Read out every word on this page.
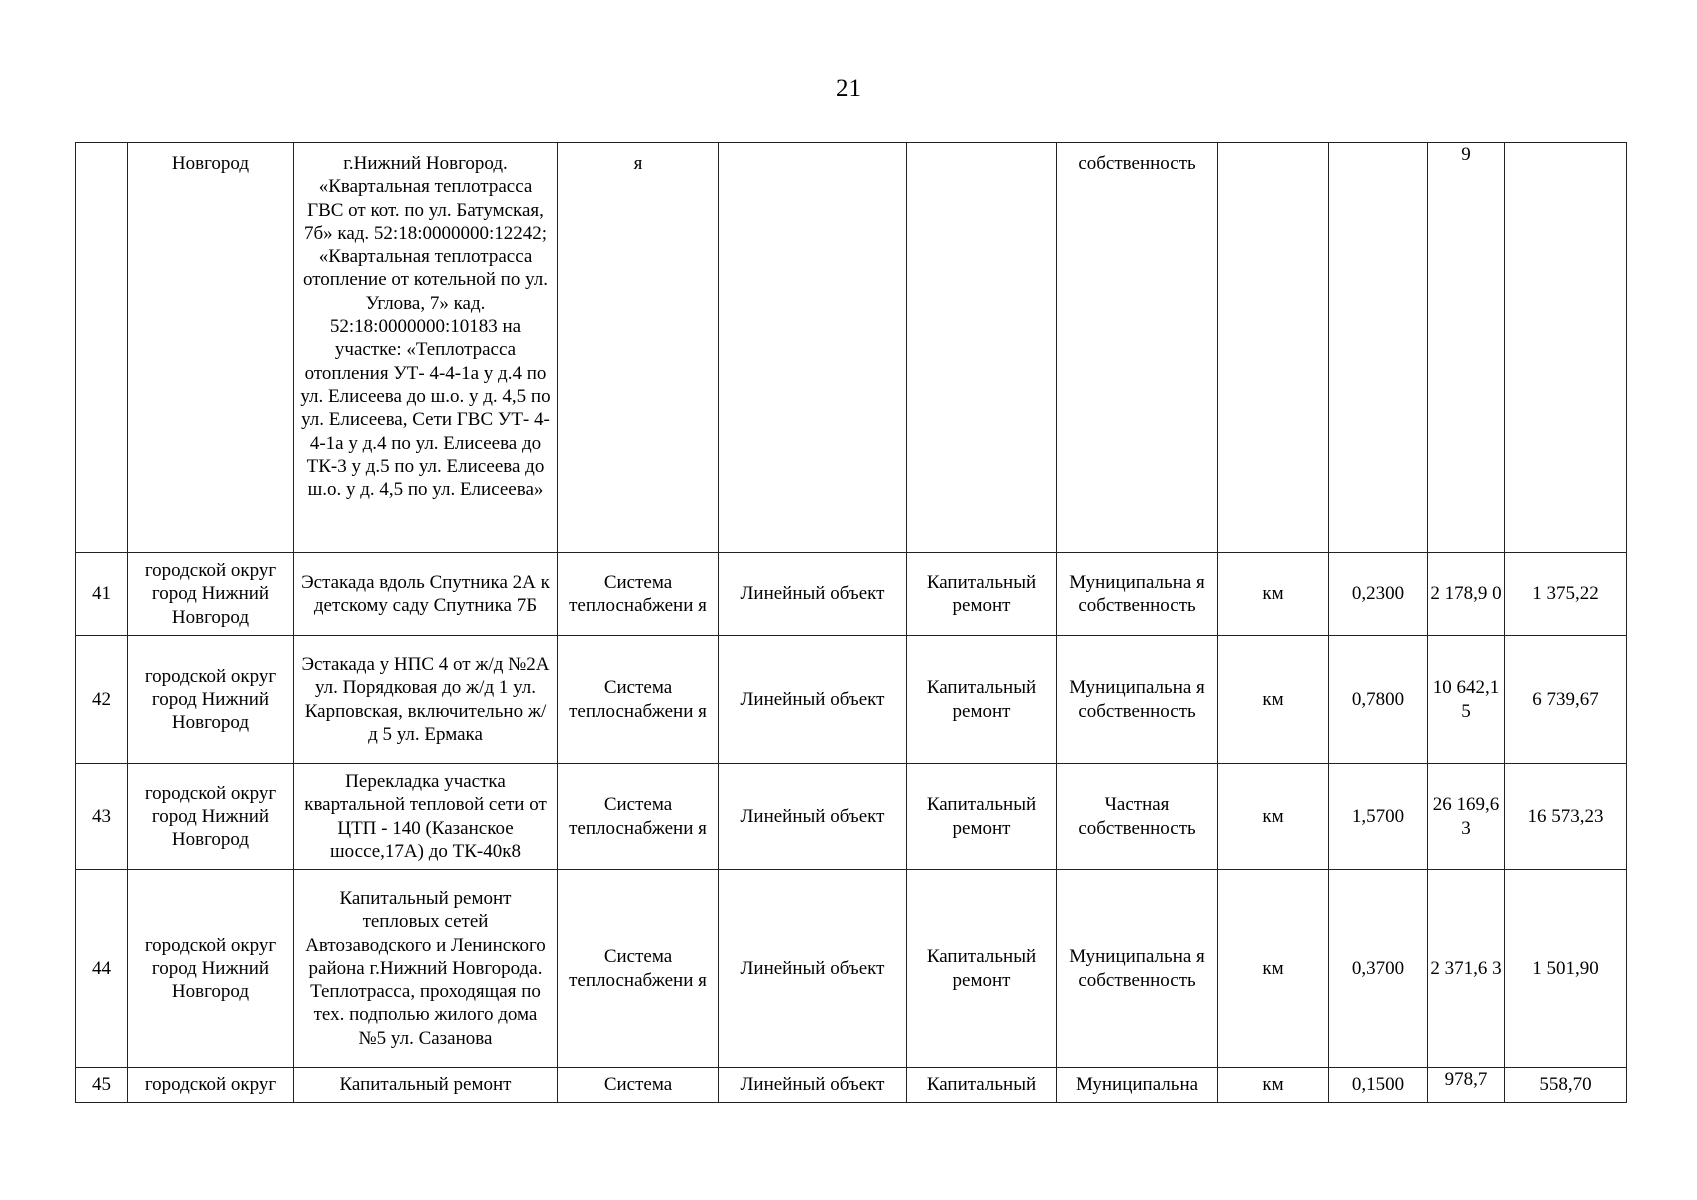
21
	Новгород	г.Нижний Новгород. «Квартальная теплотрасса ГВС от кот. по ул. Батумская, 7б» кад. 52:18:0000000:12242; «Квартальная теплотрасса отопление от котельной по ул. Углова, 7» кад. 52:18:0000000:10183 на участке: «Теплотрасса отопления УТ- 4-4-1а у д.4 по ул. Елисеева до ш.о. у д. 4,5 по ул. Елисеева, Сети ГВС УТ- 4-4-1а у д.4 по ул. Елисеева до ТК-3 у д.5 по ул. Елисеева до ш.о. у д. 4,5 по ул. Елисеева»	я			собственность			9	
41	городской округ город Нижний Новгород	Эстакада вдоль Спутника 2А к детскому саду Спутника 7Б	Система теплоснабжени я	Линейный объект	Капитальный ремонт	Муниципальна я собственность	км	0,2300	2 178,9 0	1 375,22
42	городской округ город Нижний Новгород	Эстакада у НПС 4 от ж/д №2А ул. Порядковая до ж/д 1 ул. Карповская, включительно ж/д 5 ул. Ермака	Система теплоснабжени я	Линейный объект	Капитальный ремонт	Муниципальна я собственность	км	0,7800	10 642,1 5	6 739,67
43	городской округ город Нижний Новгород	Перекладка участка квартальной тепловой сети от ЦТП - 140 (Казанское шоссе,17А) до ТК-40к8	Система теплоснабжени я	Линейный объект	Капитальный ремонт	Частная собственность	км	1,5700	26 169,6 3	16 573,23
44	городской округ город Нижний Новгород	Капитальный ремонт тепловых сетей Автозаводского и Ленинского района г.Нижний Новгорода. Теплотрасса, проходящая по тех. подполью жилого дома №5 ул. Сазанова	Система теплоснабжени я	Линейный объект	Капитальный ремонт	Муниципальна я собственность	км	0,3700	2 371,6 3	1 501,90
45	городской округ	Капитальный ремонт	Система	Линейный объект	Капитальный	Муниципальна	км	0,1500	978,7	558,70
